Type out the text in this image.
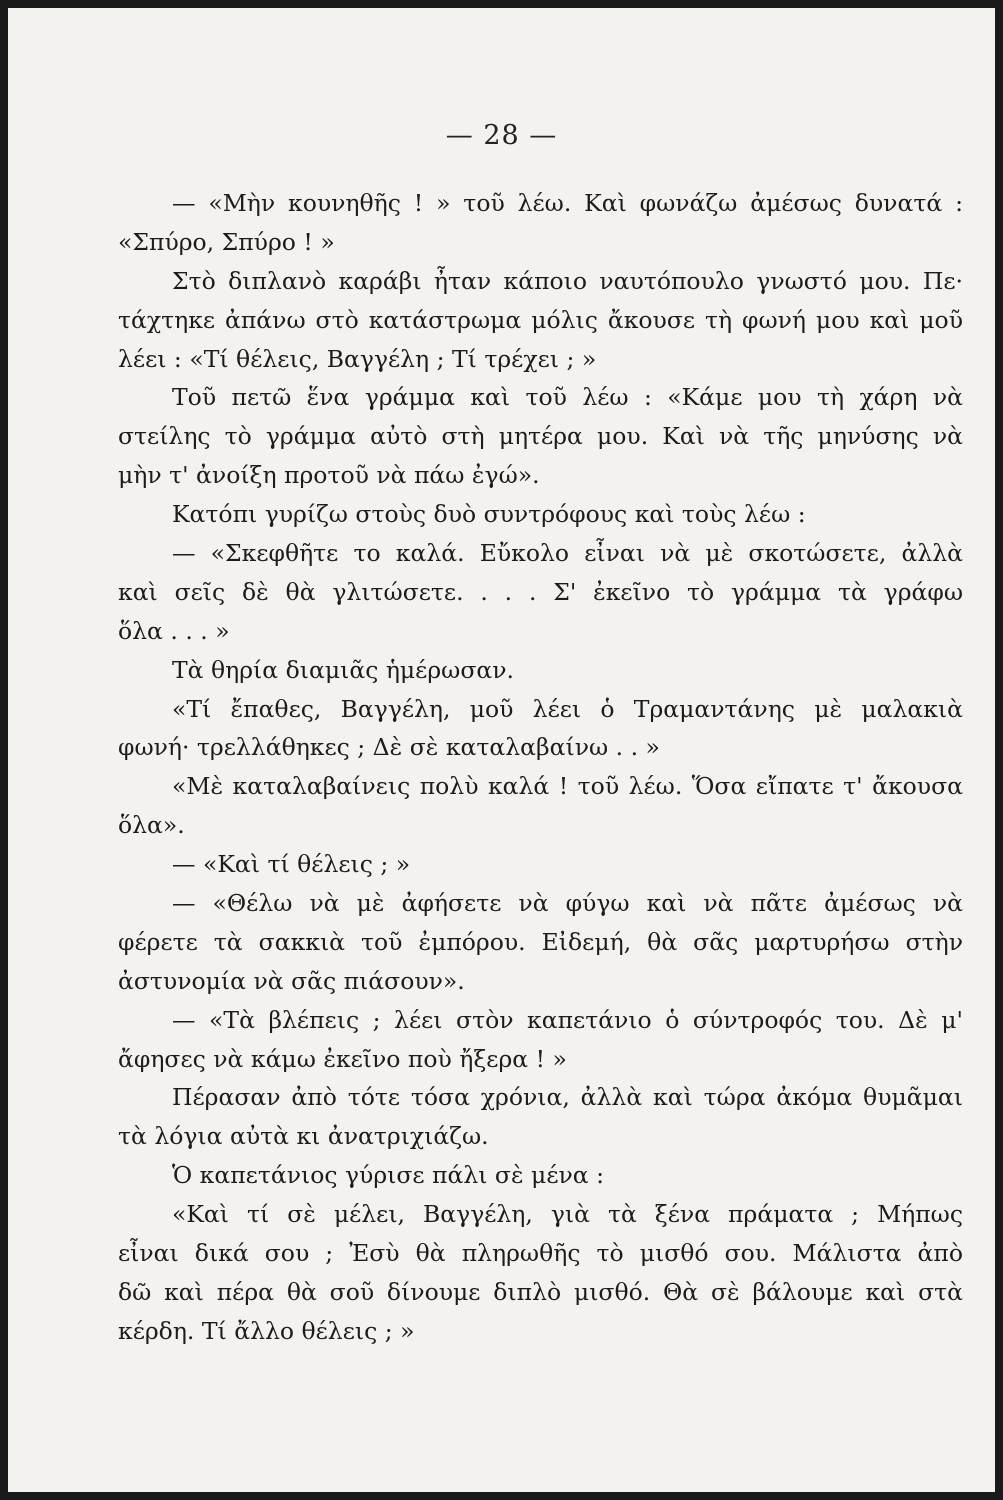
— 28 —
— «Μὴν κουνηθῆς ! » τοῦ λέω. Καὶ φωνάζω ἀμέσως δυνατά :
«Σπύρο, Σπύρο ! »
Στὸ διπλανὸ καράβι ἦταν κάποιο ναυτόπουλο γνωστό μου. Πε·
τάχτηκε ἀπάνω στὸ κατάστρωμα μόλις ἄκουσε τὴ φωνή μου καὶ μοῦ
λέει : «Τί θέλεις, Βαγγέλη ; Τί τρέχει ; »
Τοῦ πετῶ ἕνα γράμμα καὶ τοῦ λέω : «Κάμε μου τὴ χάρη νὰ
στείλης τὸ γράμμα αὐτὸ στὴ μητέρα μου. Καὶ νὰ τῆς μηνύσης νὰ
μὴν τ' ἀνοίξη προτοῦ νὰ πάω ἐγώ».
Κατόπι γυρίζω στοὺς δυὸ συντρόφους καὶ τοὺς λέω :
— «Σκεφθῆτε το καλά. Εὔκολο εἶναι νὰ μὲ σκοτώσετε, ἀλλὰ
καὶ σεῖς δὲ θὰ γλιτώσετε. . . . Σ' ἐκεῖνο τὸ γράμμα τὰ γράφω
ὅλα . . . »
Τὰ θηρία διαμιᾶς ἡμέρωσαν.
«Τί ἔπαθες, Βαγγέλη, μοῦ λέει ὁ Τραμαντάνης μὲ μαλακιὰ
φωνή· τρελλάθηκες ; Δὲ σὲ καταλαβαίνω . . »
«Μὲ καταλαβαίνεις πολὺ καλά ! τοῦ λέω. Ὅσα εἴπατε τ' ἄκουσα
ὅλα».
— «Καὶ τί θέλεις ; »
— «Θέλω νὰ μὲ ἀφήσετε νὰ φύγω καὶ νὰ πᾶτε ἀμέσως νὰ
φέρετε τὰ σακκιὰ τοῦ ἐμπόρου. Εἰδεμή, θὰ σᾶς μαρτυρήσω στὴν
ἀστυνομία νὰ σᾶς πιάσουν».
— «Τὰ βλέπεις ; λέει στὸν καπετάνιο ὁ σύντροφός του. Δὲ μ'
ἄφησες νὰ κάμω ἐκεῖνο ποὺ ἤξερα ! »
Πέρασαν ἀπὸ τότε τόσα χρόνια, ἀλλὰ καὶ τώρα ἀκόμα θυμᾶμαι
τὰ λόγια αὐτὰ κι ἀνατριχιάζω.
Ὁ καπετάνιος γύρισε πάλι σὲ μένα :
«Καὶ τί σὲ μέλει, Βαγγέλη, γιὰ τὰ ξένα πράματα ; Μήπως
εἶναι δικά σου ; Ἐσὺ θὰ πληρωθῆς τὸ μισθό σου. Μάλιστα ἀπὸ
δῶ καὶ πέρα θὰ σοῦ δίνουμε διπλὸ μισθό. Θὰ σὲ βάλουμε καὶ στὰ
κέρδη. Τί ἄλλο θέλεις ; »
